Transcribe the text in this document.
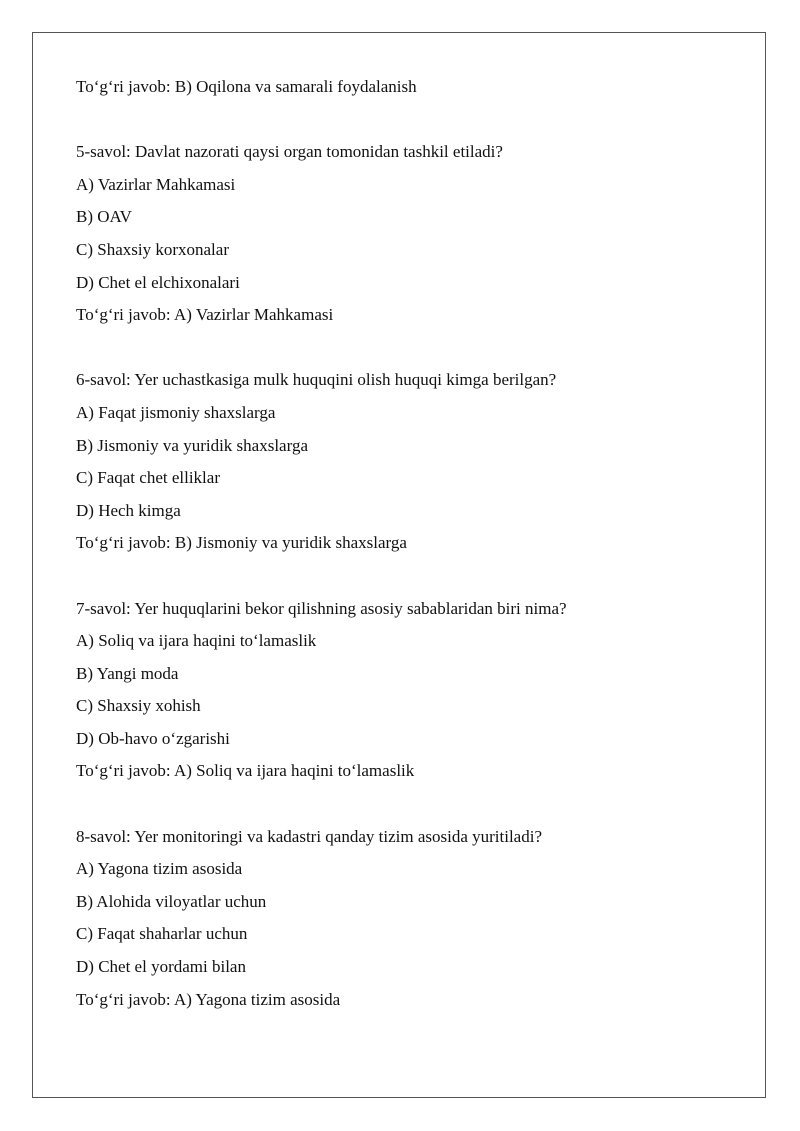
To‘g‘ri javob: B) Oqilona va samarali foydalanish
5-savol: Davlat nazorati qaysi organ tomonidan tashkil etiladi?
A) Vazirlar Mahkamasi
B) OAV
C) Shaxsiy korxonalar
D) Chet el elchixonalari
To‘g‘ri javob: A) Vazirlar Mahkamasi
6-savol: Yer uchastkasiga mulk huquqini olish huquqi kimga berilgan?
A) Faqat jismoniy shaxslarga
B) Jismoniy va yuridik shaxslarga
C) Faqat chet elliklar
D) Hech kimga
To‘g‘ri javob: B) Jismoniy va yuridik shaxslarga
7-savol: Yer huquqlarini bekor qilishning asosiy sabablaridan biri nima?
A) Soliq va ijara haqini to‘lamaslik
B) Yangi moda
C) Shaxsiy xohish
D) Ob-havo o‘zgarishi
To‘g‘ri javob: A) Soliq va ijara haqini to‘lamaslik
8-savol: Yer monitoringi va kadastri qanday tizim asosida yuritiladi?
A) Yagona tizim asosida
B) Alohida viloyatlar uchun
C) Faqat shaharlar uchun
D) Chet el yordami bilan
To‘g‘ri javob: A) Yagona tizim asosida
